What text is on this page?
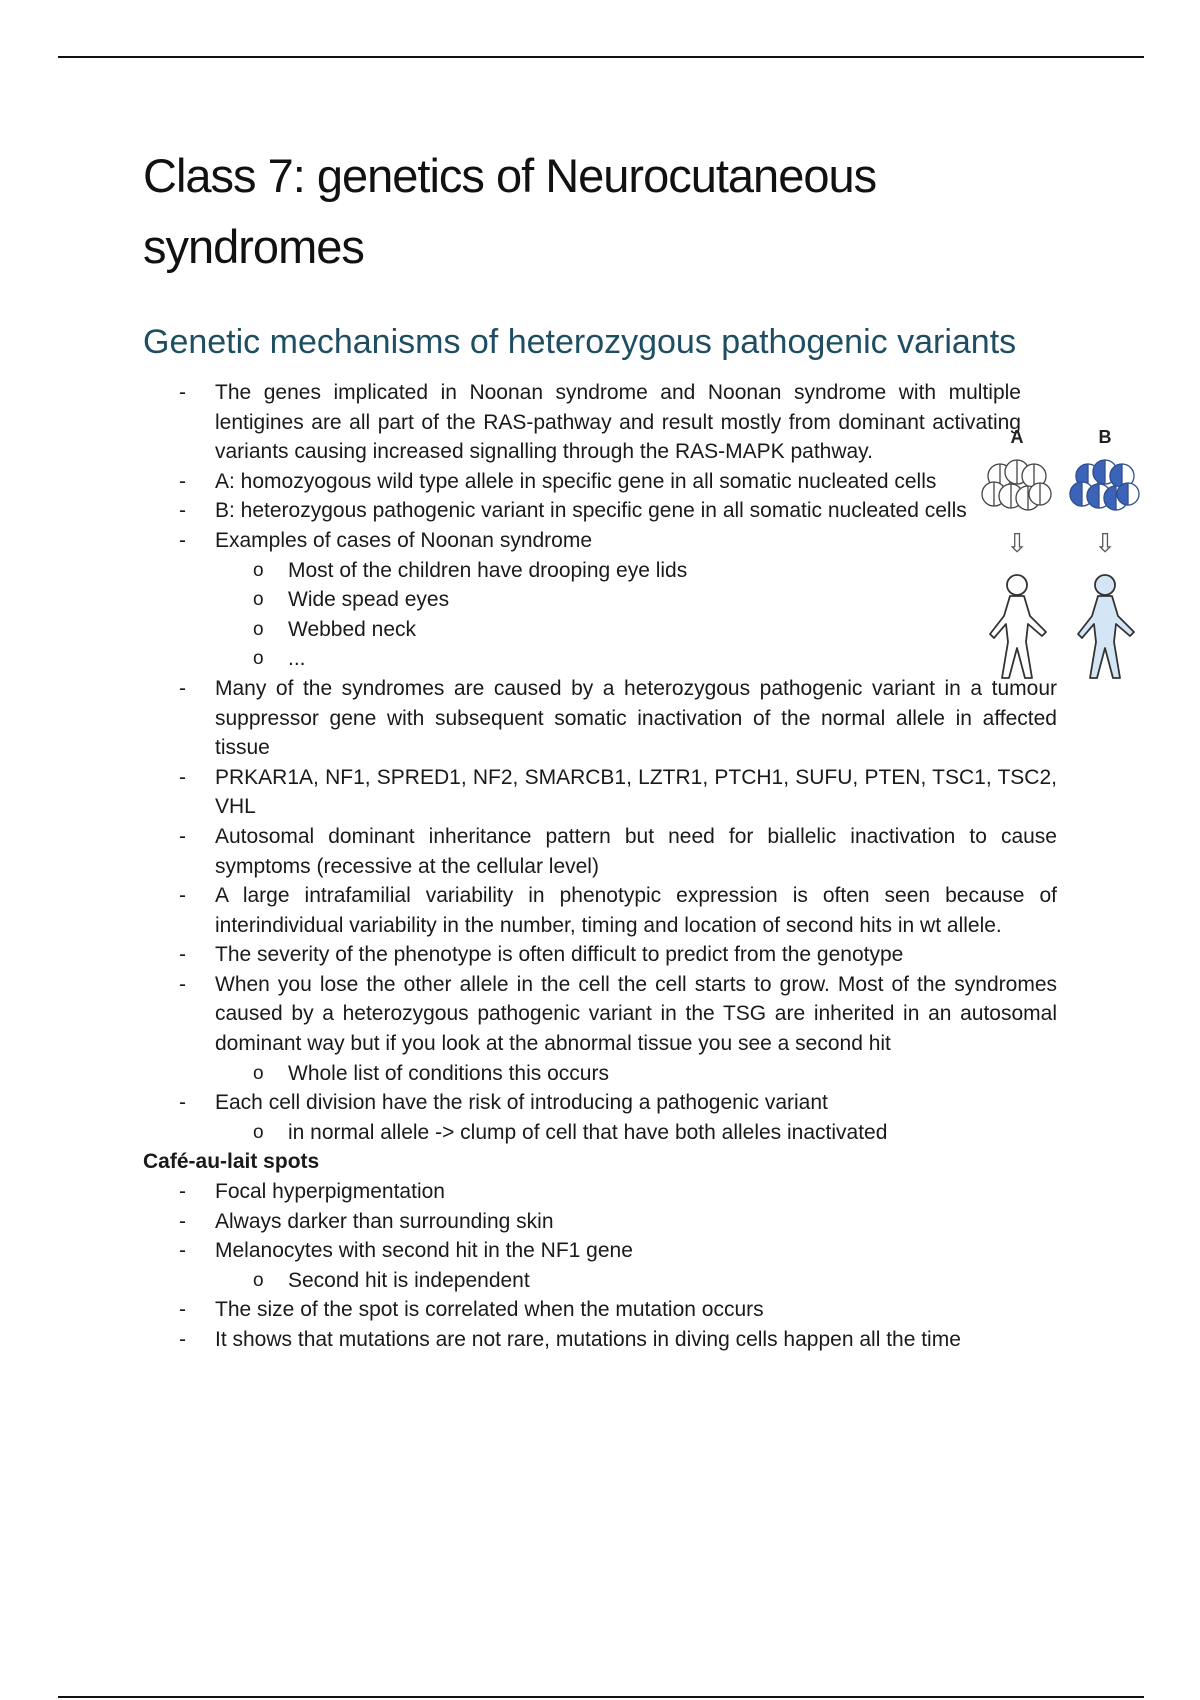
Class 7: genetics of Neurocutaneous syndromes
Genetic mechanisms of heterozygous pathogenic variants
- The genes implicated in Noonan syndrome and Noonan syndrome with multiple lentigines are all part of the RAS-pathway and result mostly from dominant activating variants causing increased signalling through the RAS-MAPK pathway.
- A: homozyogous wild type allele in specific gene in all somatic nucleated cells
- B: heterozygous pathogenic variant in specific gene in all somatic nucleated cells
- Examples of cases of Noonan syndrome
o Most of the children have drooping eye lids
o Wide spead eyes
o Webbed neck
o ...
- Many of the syndromes are caused by a heterozygous pathogenic variant in a tumour suppressor gene with subsequent somatic inactivation of the normal allele in affected tissue
- PRKAR1A, NF1, SPRED1, NF2, SMARCB1, LZTR1, PTCH1, SUFU, PTEN, TSC1, TSC2, VHL
- Autosomal dominant inheritance pattern but need for biallelic inactivation to cause symptoms (recessive at the cellular level)
- A large intrafamilial variability in phenotypic expression is often seen because of interindividual variability in the number, timing and location of second hits in wt allele.
- The severity of the phenotype is often difficult to predict from the genotype
- When you lose the other allele in the cell the cell starts to grow. Most of the syndromes caused by a heterozygous pathogenic variant in the TSG are inherited in an autosomal dominant way but if you look at the abnormal tissue you see a second hit
o Whole list of conditions this occurs
- Each cell division have the risk of introducing a pathogenic variant
o in normal allele -> clump of cell that have both alleles inactivated
Café-au-lait spots
- Focal hyperpigmentation
- Always darker than surrounding skin
- Melanocytes with second hit in the NF1 gene
o Second hit is independent
- The size of the spot is correlated when the mutation occurs
- It shows that mutations are not rare, mutations in diving cells happen all the time
A	B
⇩	⇩
